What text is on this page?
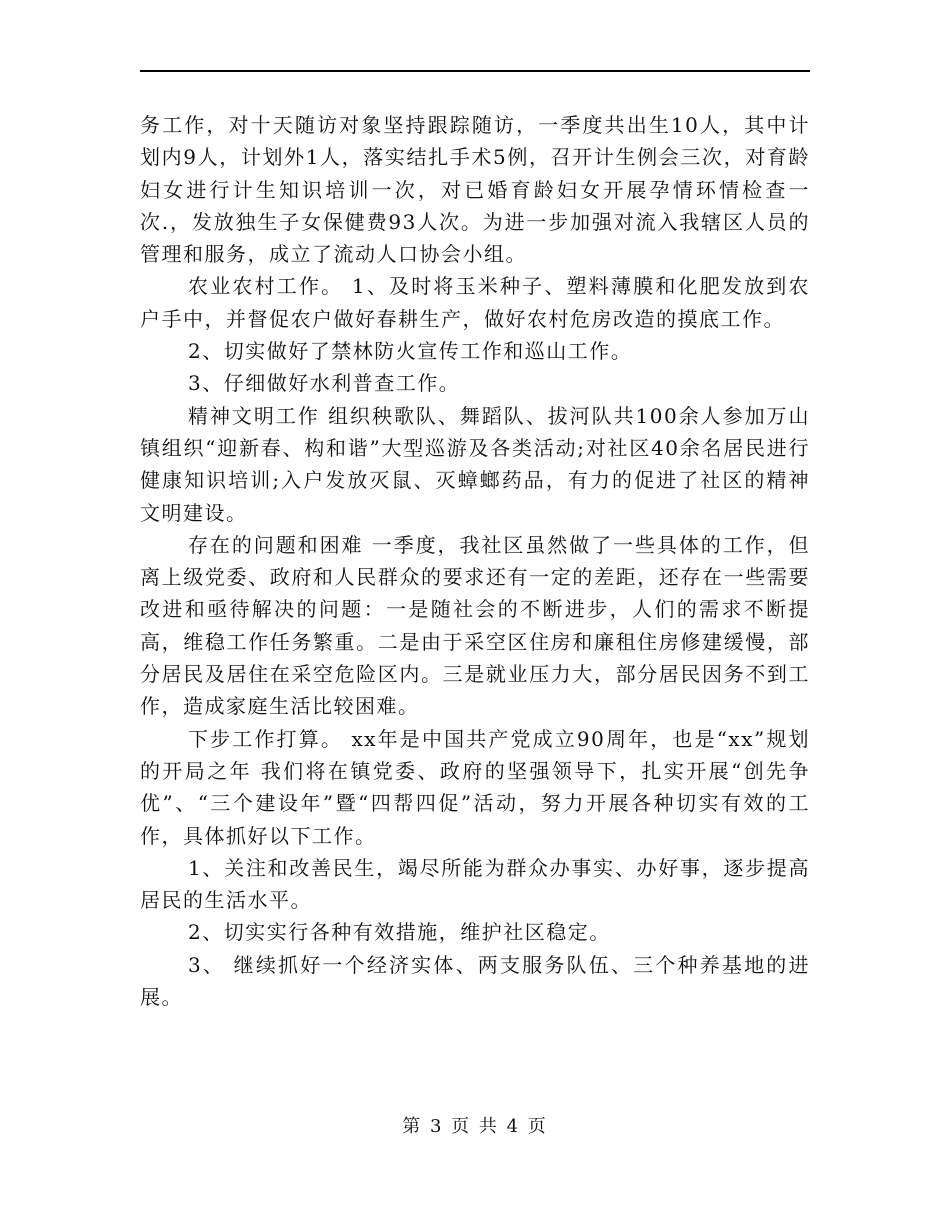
务工作，对十天随访对象坚持跟踪随访，一季度共出生10人，其中计划内9人，计划外1人，落实结扎手术5例，召开计生例会三次，对育龄妇女进行计生知识培训一次，对已婚育龄妇女开展孕情环情检查一次.，发放独生子女保健费93人次。为进一步加强对流入我辖区人员的管理和服务，成立了流动人口协会小组。

农业农村工作。 1、及时将玉米种子、塑料薄膜和化肥发放到农户手中，并督促农户做好春耕生产，做好农村危房改造的摸底工作。

2、切实做好了禁林防火宣传工作和巡山工作。

3、仔细做好水利普查工作。

精神文明工作 组织秧歌队、舞蹈队、拔河队共100余人参加万山镇组织“迎新春、构和谐”大型巡游及各类活动;对社区40余名居民进行健康知识培训;入户发放灭鼠、灭蟑螂药品，有力的促进了社区的精神文明建设。

存在的问题和困难 一季度，我社区虽然做了一些具体的工作，但离上级党委、政府和人民群众的要求还有一定的差距，还存在一些需要改进和亟待解决的问题：一是随社会的不断进步，人们的需求不断提高，维稳工作任务繁重。二是由于采空区住房和廉租住房修建缓慢，部分居民及居住在采空危险区内。三是就业压力大，部分居民因务不到工作，造成家庭生活比较困难。

下步工作打算。 xx年是中国共产党成立90周年，也是“xx”规划的开局之年 我们将在镇党委、政府的坚强领导下，扎实开展“创先争优”、“三个建设年”暨“四帮四促”活动，努力开展各种切实有效的工作，具体抓好以下工作。

1、关注和改善民生，竭尽所能为群众办事实、办好事，逐步提高居民的生活水平。

2、切实实行各种有效措施，维护社区稳定。

3、 继续抓好一个经济实体、两支服务队伍、三个种养基地的进展。

第 3 页 共 4 页
